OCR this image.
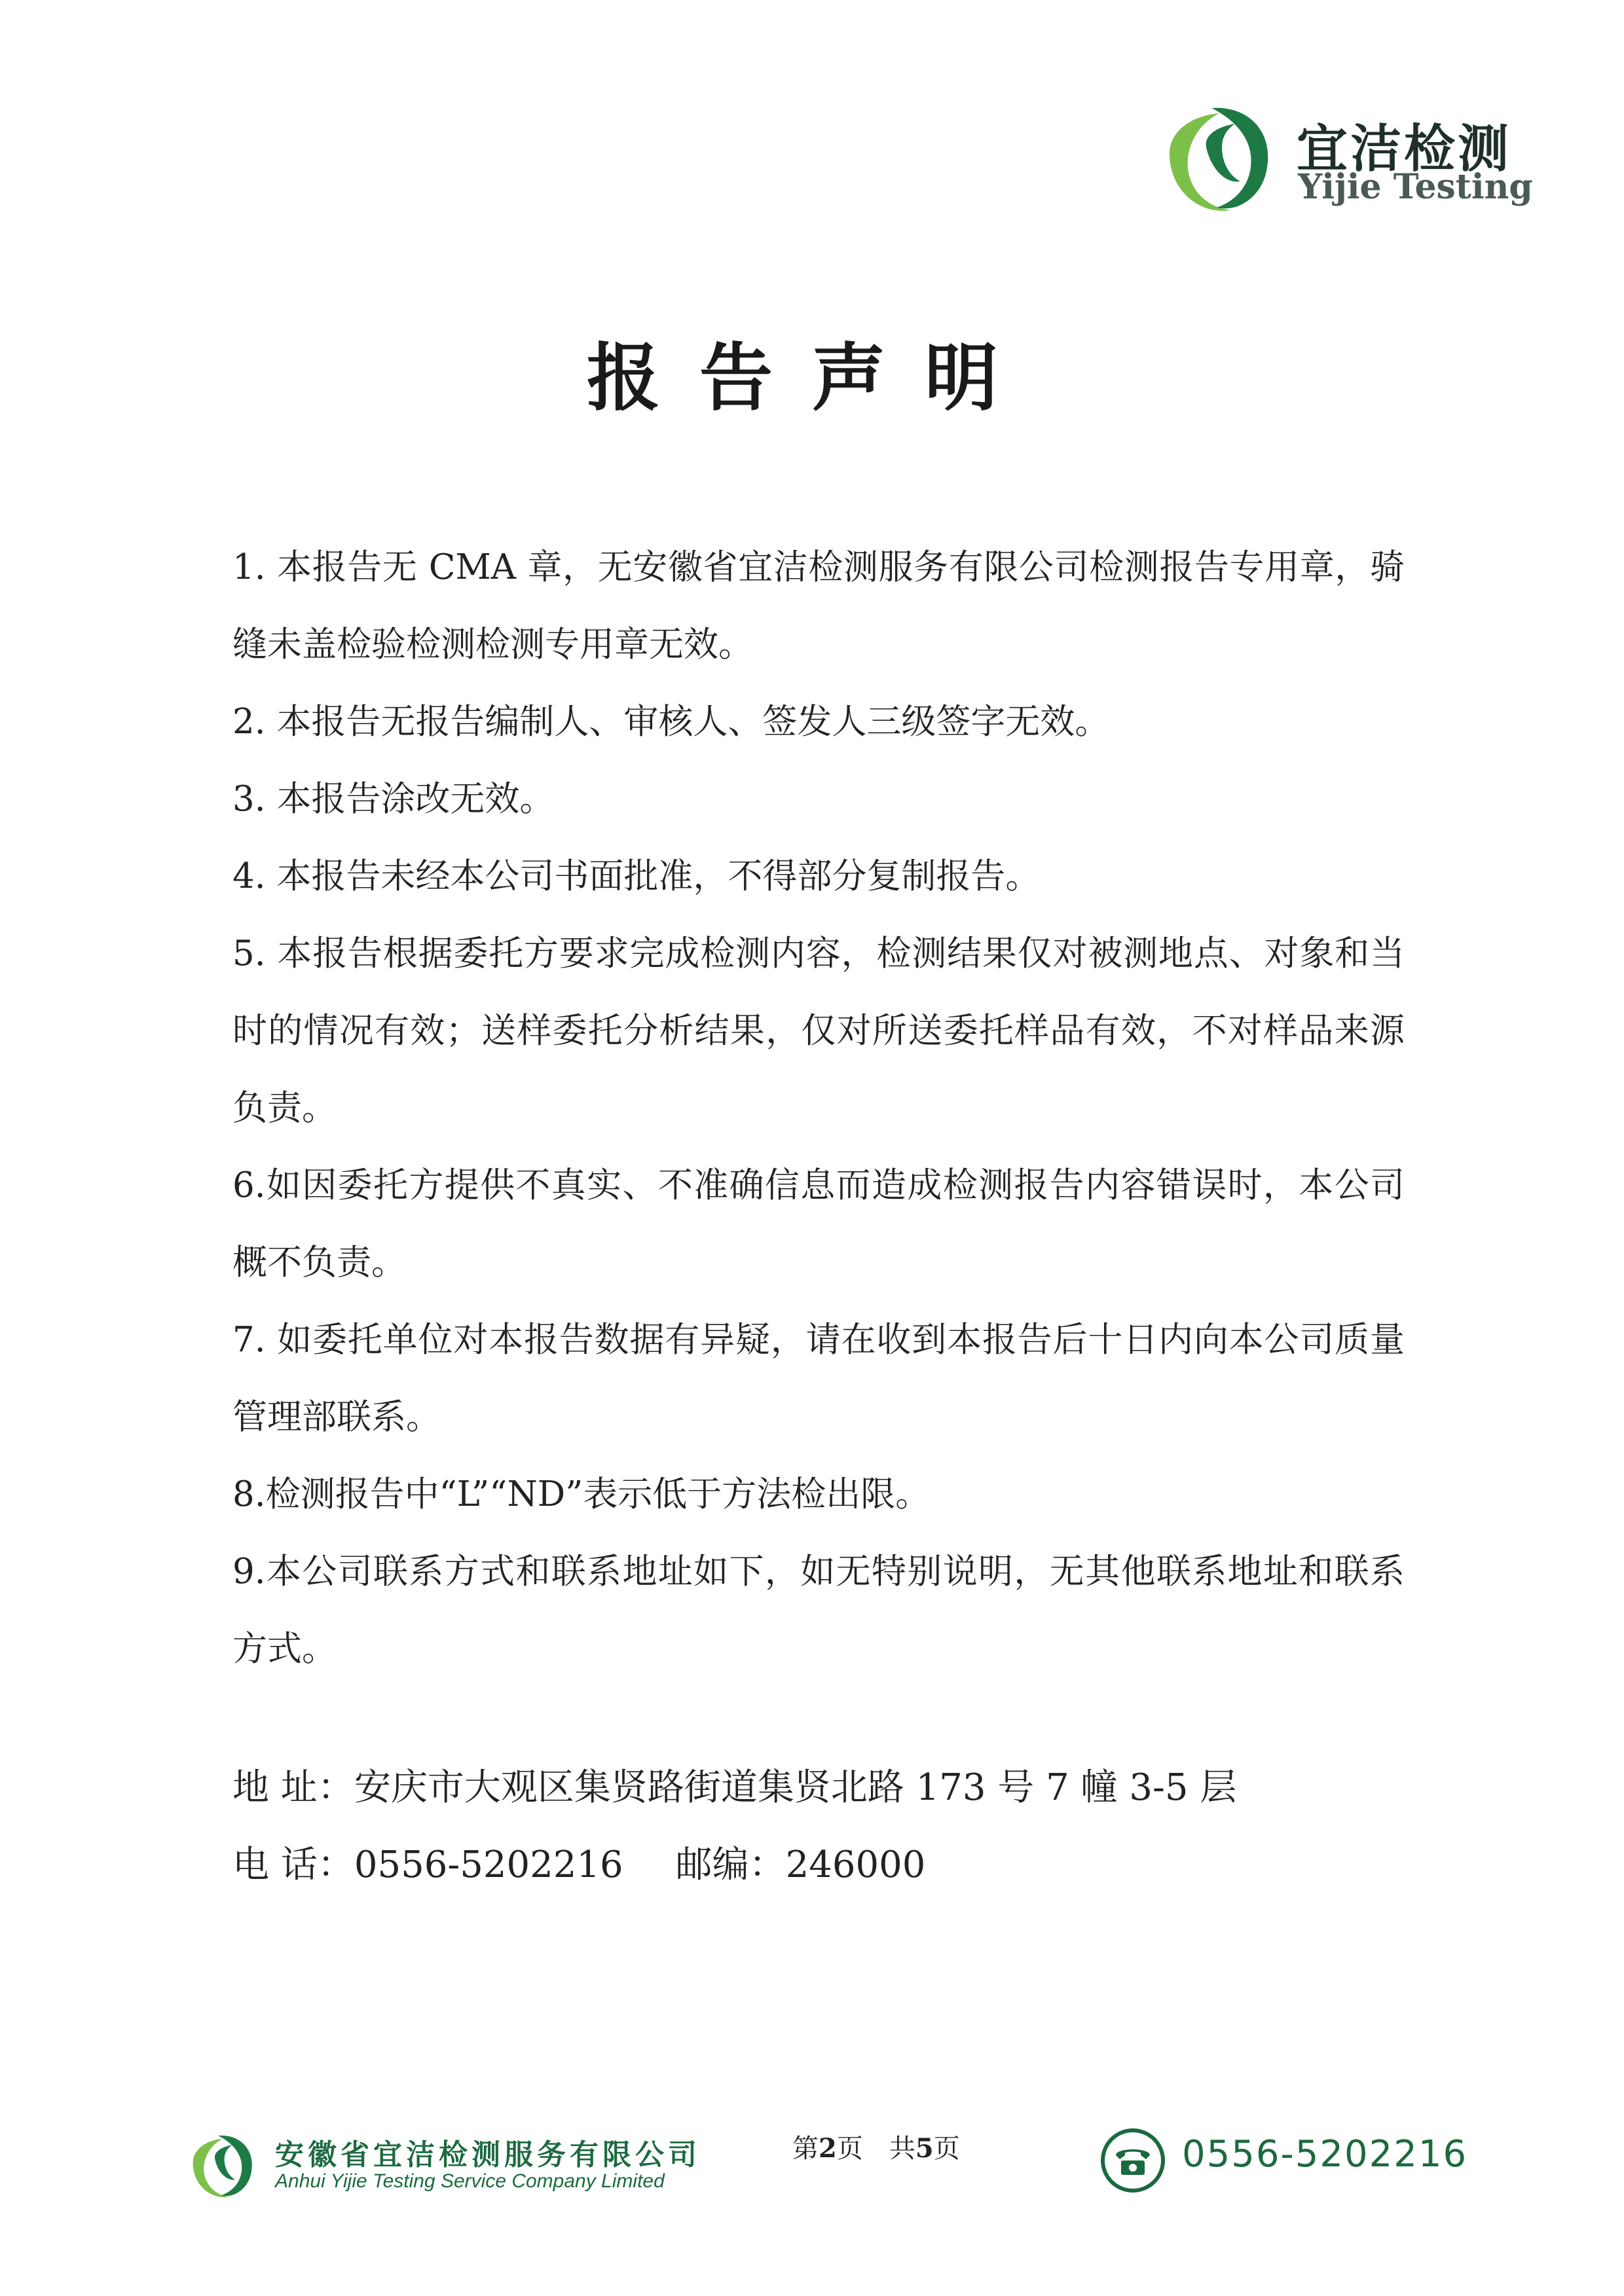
宜洁检测
Yijie Testing
报告声明
1. 本报告无 CMA 章，无安徽省宜洁检测服务有限公司检测报告专用章，骑缝未盖检验检测检测专用章无效。
2. 本报告无报告编制人、审核人、签发人三级签字无效。
3. 本报告涂改无效。
4. 本报告未经本公司书面批准，不得部分复制报告。
5. 本报告根据委托方要求完成检测内容，检测结果仅对被测地点、对象和当时的情况有效；送样委托分析结果，仅对所送委托样品有效，不对样品来源负责。
6.如因委托方提供不真实、不准确信息而造成检测报告内容错误时，本公司概不负责。
7. 如委托单位对本报告数据有异疑，请在收到本报告后十日内向本公司质量管理部联系。
8.检测报告中“L”“ND”表示低于方法检出限。
9.本公司联系方式和联系地址如下，如无特别说明，无其他联系地址和联系方式。
地 址：安庆市大观区集贤路街道集贤北路 173 号 7 幢 3-5 层
电 话：0556-5202216 邮编：246000
安徽省宜洁检测服务有限公司
Anhui Yijie Testing Service Company Limited
第2页　共5页	0556-5202216
